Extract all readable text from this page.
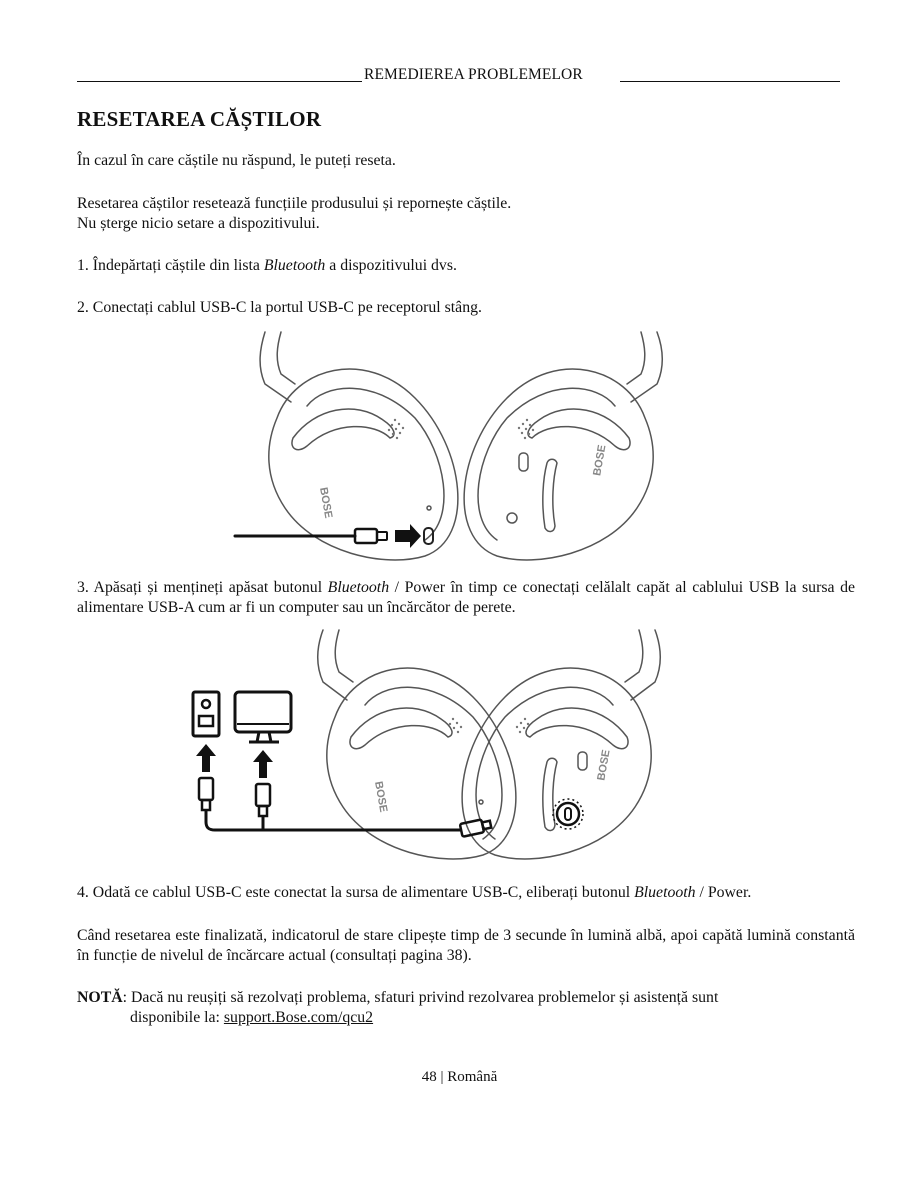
REMEDIEREA PROBLEMELOR
RESETAREA CĂȘTILOR
În cazul în care căștile nu răspund, le puteți reseta.
Resetarea căștilor resetează funcțiile produsului și repornește căștile.
Nu șterge nicio setare a dispozitivului.
1. Îndepărtați căștile din lista Bluetooth a dispozitivului dvs.
2. Conectați cablul USB-C la portul USB-C pe receptorul stâng.
BOSE
BOSE
3. Apăsați și mențineți apăsat butonul Bluetooth / Power în timp ce conectați celălalt capăt al cablului USB la sursa de alimentare USB-A cum ar fi un computer sau un încărcător de perete.
BOSE
BOSE
4. Odată ce cablul USB-C este conectat la sursa de alimentare USB-C, eliberați butonul Bluetooth / Power.
Când resetarea este finalizată, indicatorul de stare clipește timp de 3 secunde în lumină albă, apoi capătă lumină constantă în funcție de nivelul de încărcare actual (consultați pagina 38).
NOTĂ: Dacă nu reușiți să rezolvați problema, sfaturi privind rezolvarea problemelor și asistență sunt
disponibile la: support.Bose.com/qcu2
48 | Română
